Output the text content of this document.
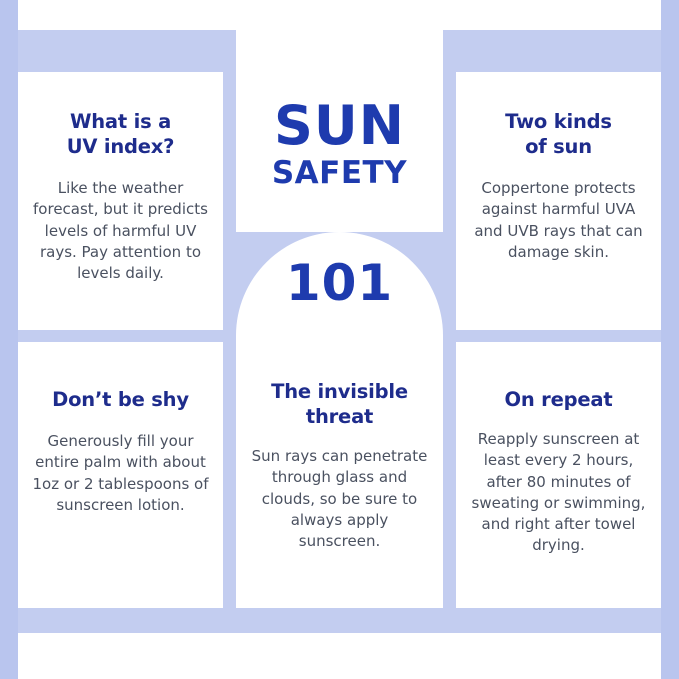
SUN
SAFETY
101
What is a
UV index?

Like the weather forecast, but it predicts levels of harmful UV rays. Pay attention to levels daily.

Two kinds
of sun

Coppertone protects against harmful UVA and UVB rays that can damage skin.

Don’t be shy

Generously fill your entire palm with about 1oz or 2 tablespoons of sunscreen lotion.

The invisible
threat

Sun rays can penetrate through glass and clouds, so be sure to always apply sunscreen.

On repeat

Reapply sunscreen at least every 2 hours, after 80 minutes of sweating or swimming, and right after towel drying.
